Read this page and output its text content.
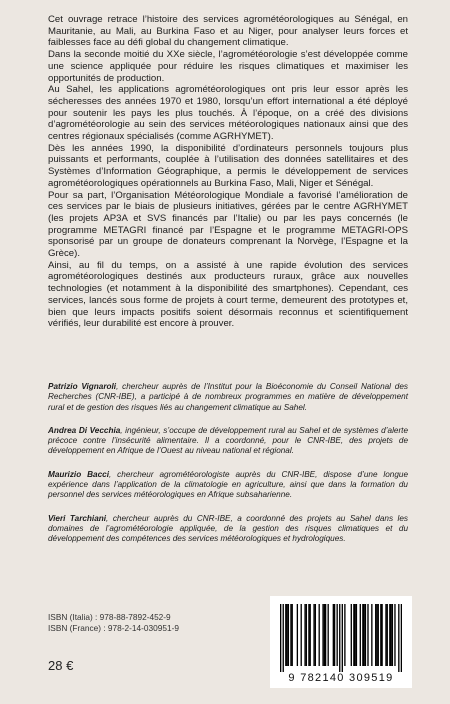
Cet ouvrage retrace l’histoire des services agrométéorologiques au Sénégal, en Mauritanie, au Mali, au Burkina Faso et au Niger, pour analyser leurs forces et faiblesses face au défi global du changement climatique.

Dans la seconde moitié du XXe siècle, l’agrométéorologie s’est développée comme une science appliquée pour réduire les risques climatiques et maximiser les opportunités de production.

Au Sahel, les applications agrométéorologiques ont pris leur essor après les sécheresses des années 1970 et 1980, lorsqu’un effort international a été déployé pour soutenir les pays les plus touchés. À l’époque, on a créé des divisions d’agrométéorologie au sein des services météorologiques nationaux ainsi que des centres régionaux spécialisés (comme AGRHYMET).

Dès les années 1990, la disponibilité d’ordinateurs personnels toujours plus puissants et performants, couplée à l’utilisation des données satellitaires et des Systèmes d’Information Géographique, a permis le développement de services agrométéorologiques opérationnels au Burkina Faso, Mali, Niger et Sénégal.

Pour sa part, l’Organisation Météorologique Mondiale a favorisé l’amélioration de ces services par le biais de plusieurs initiatives, gérées par le centre AGRHYMET (les projets AP3A et SVS financés par l’Italie) ou par les pays concernés (le programme METAGRI financé par l’Espagne et le programme METAGRI-OPS sponsorisé par un groupe de donateurs comprenant la Norvège, l’Espagne et la Grèce).

Ainsi, au fil du temps, on a assisté à une rapide évolution des services agrométéorologiques destinés aux producteurs ruraux, grâce aux nouvelles technologies (et notamment à la disponibilité des smartphones). Cependant, ces services, lancés sous forme de projets à court terme, demeurent des prototypes et, bien que leurs impacts positifs soient désormais reconnus et scientifiquement vérifiés, leur durabilité est encore à prouver.

Patrizio Vignaroli, chercheur auprès de l’Institut pour la Bioéconomie du Conseil National des Recherches (CNR-IBE), a participé à de nombreux programmes en matière de développement rural et de gestion des risques liés au changement climatique au Sahel.

Andrea Di Vecchia, ingénieur, s’occupe de développement rural au Sahel et de systèmes d’alerte précoce contre l’insécurité alimentaire. Il a coordonné, pour le CNR-IBE, des projets de développement en Afrique de l’Ouest au niveau national et régional.

Maurizio Bacci, chercheur agrométéorologiste auprès du CNR-IBE, dispose d’une longue expérience dans l’application de la climatologie en agriculture, ainsi que dans la formation du personnel des services météorologiques en Afrique subsaharienne.

Vieri Tarchiani, chercheur auprès du CNR-IBE, a coordonné des projets au Sahel dans les domaines de l’agrométéorologie appliquée, de la gestion des risques climatiques et du développement des compétences des services météorologiques et hydrologiques.

ISBN (Italia) : 978-88-7892-452-9
ISBN (France) : 978-2-14-030951-9
28 €
9 782140 309519
